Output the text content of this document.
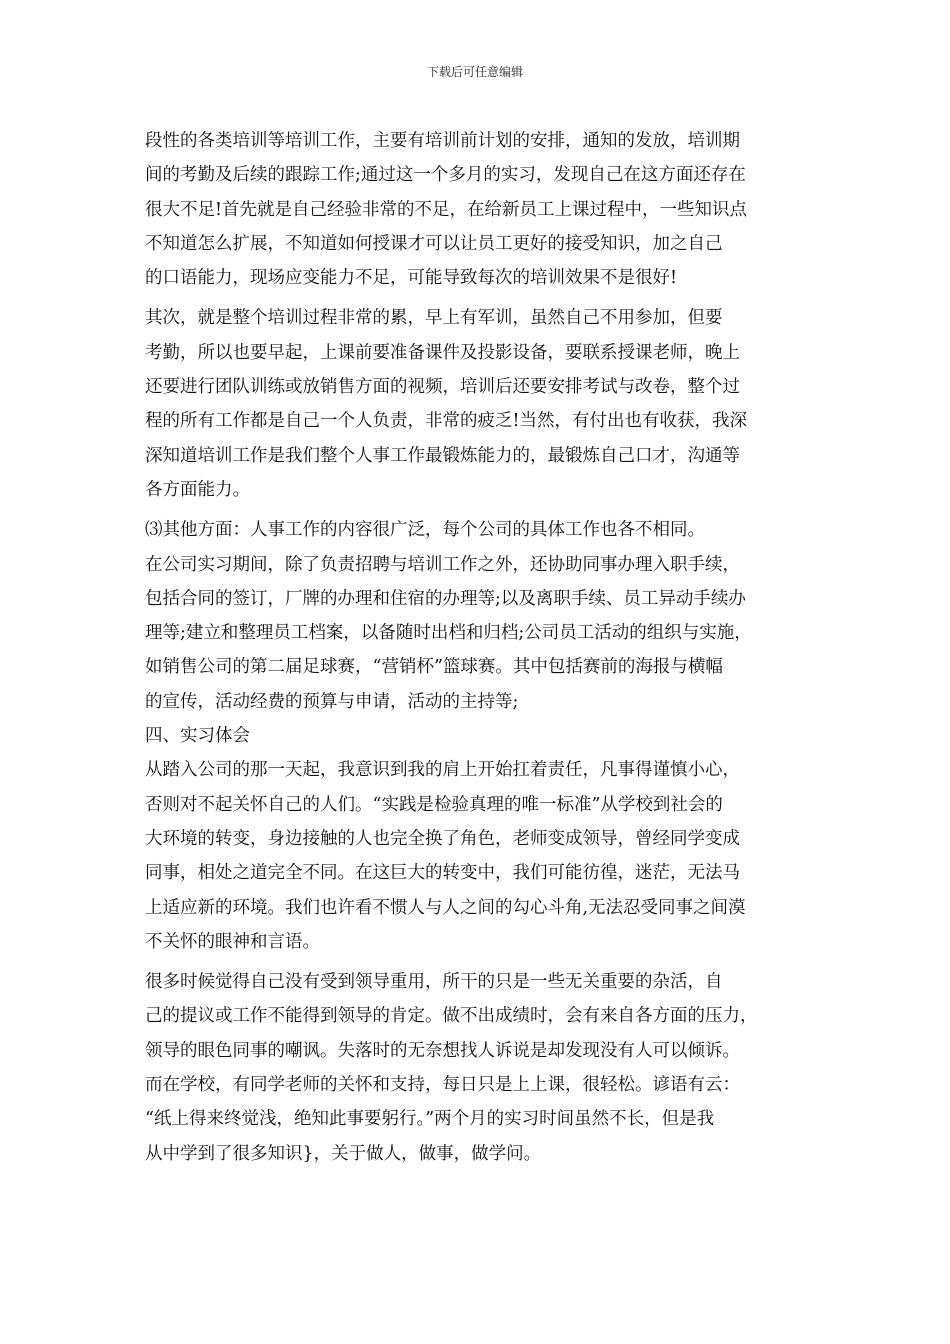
下载后可任意编辑
段性的各类培训等培训工作，主要有培训前计划的安排，通知的发放，培训期
间的考勤及后续的跟踪工作;通过这一个多月的实习，发现自己在这方面还存在
很大不足!首先就是自己经验非常的不足，在给新员工上课过程中，一些知识点
不知道怎么扩展，不知道如何授课才可以让员工更好的接受知识，加之自己
的口语能力，现场应变能力不足，可能导致每次的培训效果不是很好!
其次，就是整个培训过程非常的累，早上有军训，虽然自己不用参加，但要
考勤，所以也要早起，上课前要准备课件及投影设备，要联系授课老师，晚上
还要进行团队训练或放销售方面的视频，培训后还要安排考试与改卷，整个过
程的所有工作都是自己一个人负责，非常的疲乏!当然，有付出也有收获，我深
深知道培训工作是我们整个人事工作最锻炼能力的，最锻炼自己口才，沟通等
各方面能力。
⑶其他方面：人事工作的内容很广泛，每个公司的具体工作也各不相同。
在公司实习期间，除了负责招聘与培训工作之外，还协助同事办理入职手续，
包括合同的签订，厂牌的办理和住宿的办理等;以及离职手续、员工异动手续办
理等;建立和整理员工档案，以备随时出档和归档;公司员工活动的组织与实施，
如销售公司的第二届足球赛，“营销杯”篮球赛。其中包括赛前的海报与横幅
的宣传，活动经费的预算与申请，活动的主持等;
四、实习体会
从踏入公司的那一天起，我意识到我的肩上开始扛着责任，凡事得谨慎小心，
否则对不起关怀自己的人们。“实践是检验真理的唯一标准”从学校到社会的
大环境的转变，身边接触的人也完全换了角色，老师变成领导，曾经同学变成
同事，相处之道完全不同。在这巨大的转变中，我们可能彷徨，迷茫，无法马
上适应新的环境。我们也许看不惯人与人之间的勾心斗角,无法忍受同事之间漠
不关怀的眼神和言语。
很多时候觉得自己没有受到领导重用，所干的只是一些无关重要的杂活，自
己的提议或工作不能得到领导的肯定。做不出成绩时，会有来自各方面的压力，
领导的眼色同事的嘲讽。失落时的无奈想找人诉说是却发现没有人可以倾诉。
而在学校，有同学老师的关怀和支持，每日只是上上课，很轻松。谚语有云：
“纸上得来终觉浅，绝知此事要躬行。”两个月的实习时间虽然不长，但是我
从中学到了很多知识}，关于做人，做事，做学问。
